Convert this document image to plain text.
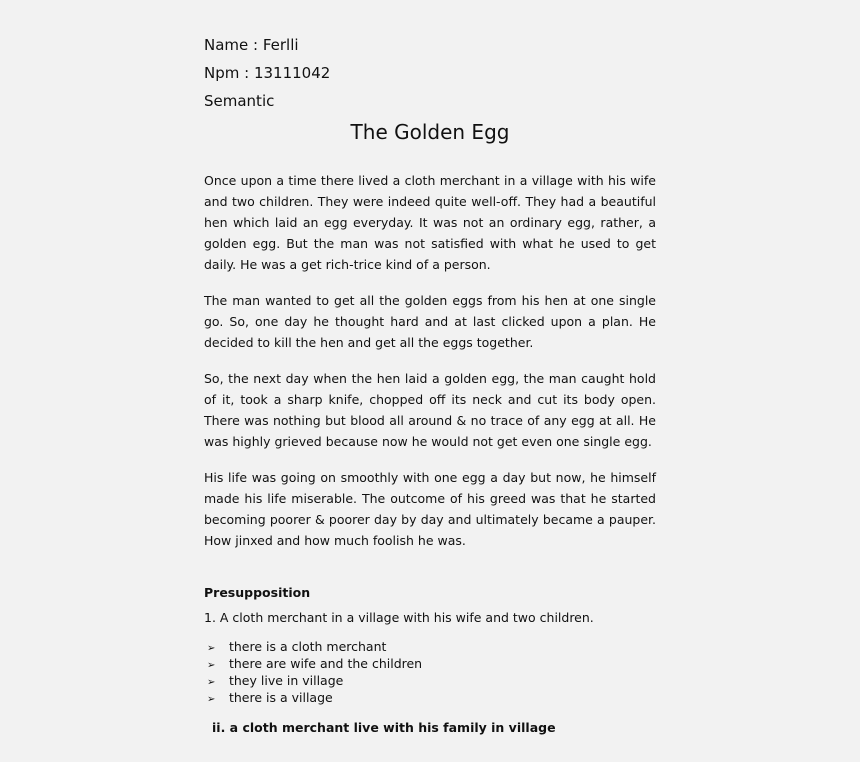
Name : Ferlli
Npm : 13111042
Semantic
The Golden Egg

Once upon a time there lived a cloth merchant in a village with his wife and two children. They were indeed quite well-off. They had a beautiful hen which laid an egg everyday. It was not an ordinary egg, rather, a golden egg. But the man was not satisfied with what he used to get daily. He was a get rich-trice kind of a person.

The man wanted to get all the golden eggs from his hen at one single go. So, one day he thought hard and at last clicked upon a plan. He decided to kill the hen and get all the eggs together.

So, the next day when the hen laid a golden egg, the man caught hold of it, took a sharp knife, chopped off its neck and cut its body open. There was nothing but blood all around & no trace of any egg at all. He was highly grieved because now he would not get even one single egg.

His life was going on smoothly with one egg a day but now, he himself made his life miserable. The outcome of his greed was that he started becoming poorer & poorer day by day and ultimately became a pauper. How jinxed and how much foolish he was.

Presupposition
1. A cloth merchant in a village with his wife and two children.
➢ there is a cloth merchant
➢ there are wife and the children
➢ they live in village
➢ there is a village
ii. a cloth merchant live with his family in village
